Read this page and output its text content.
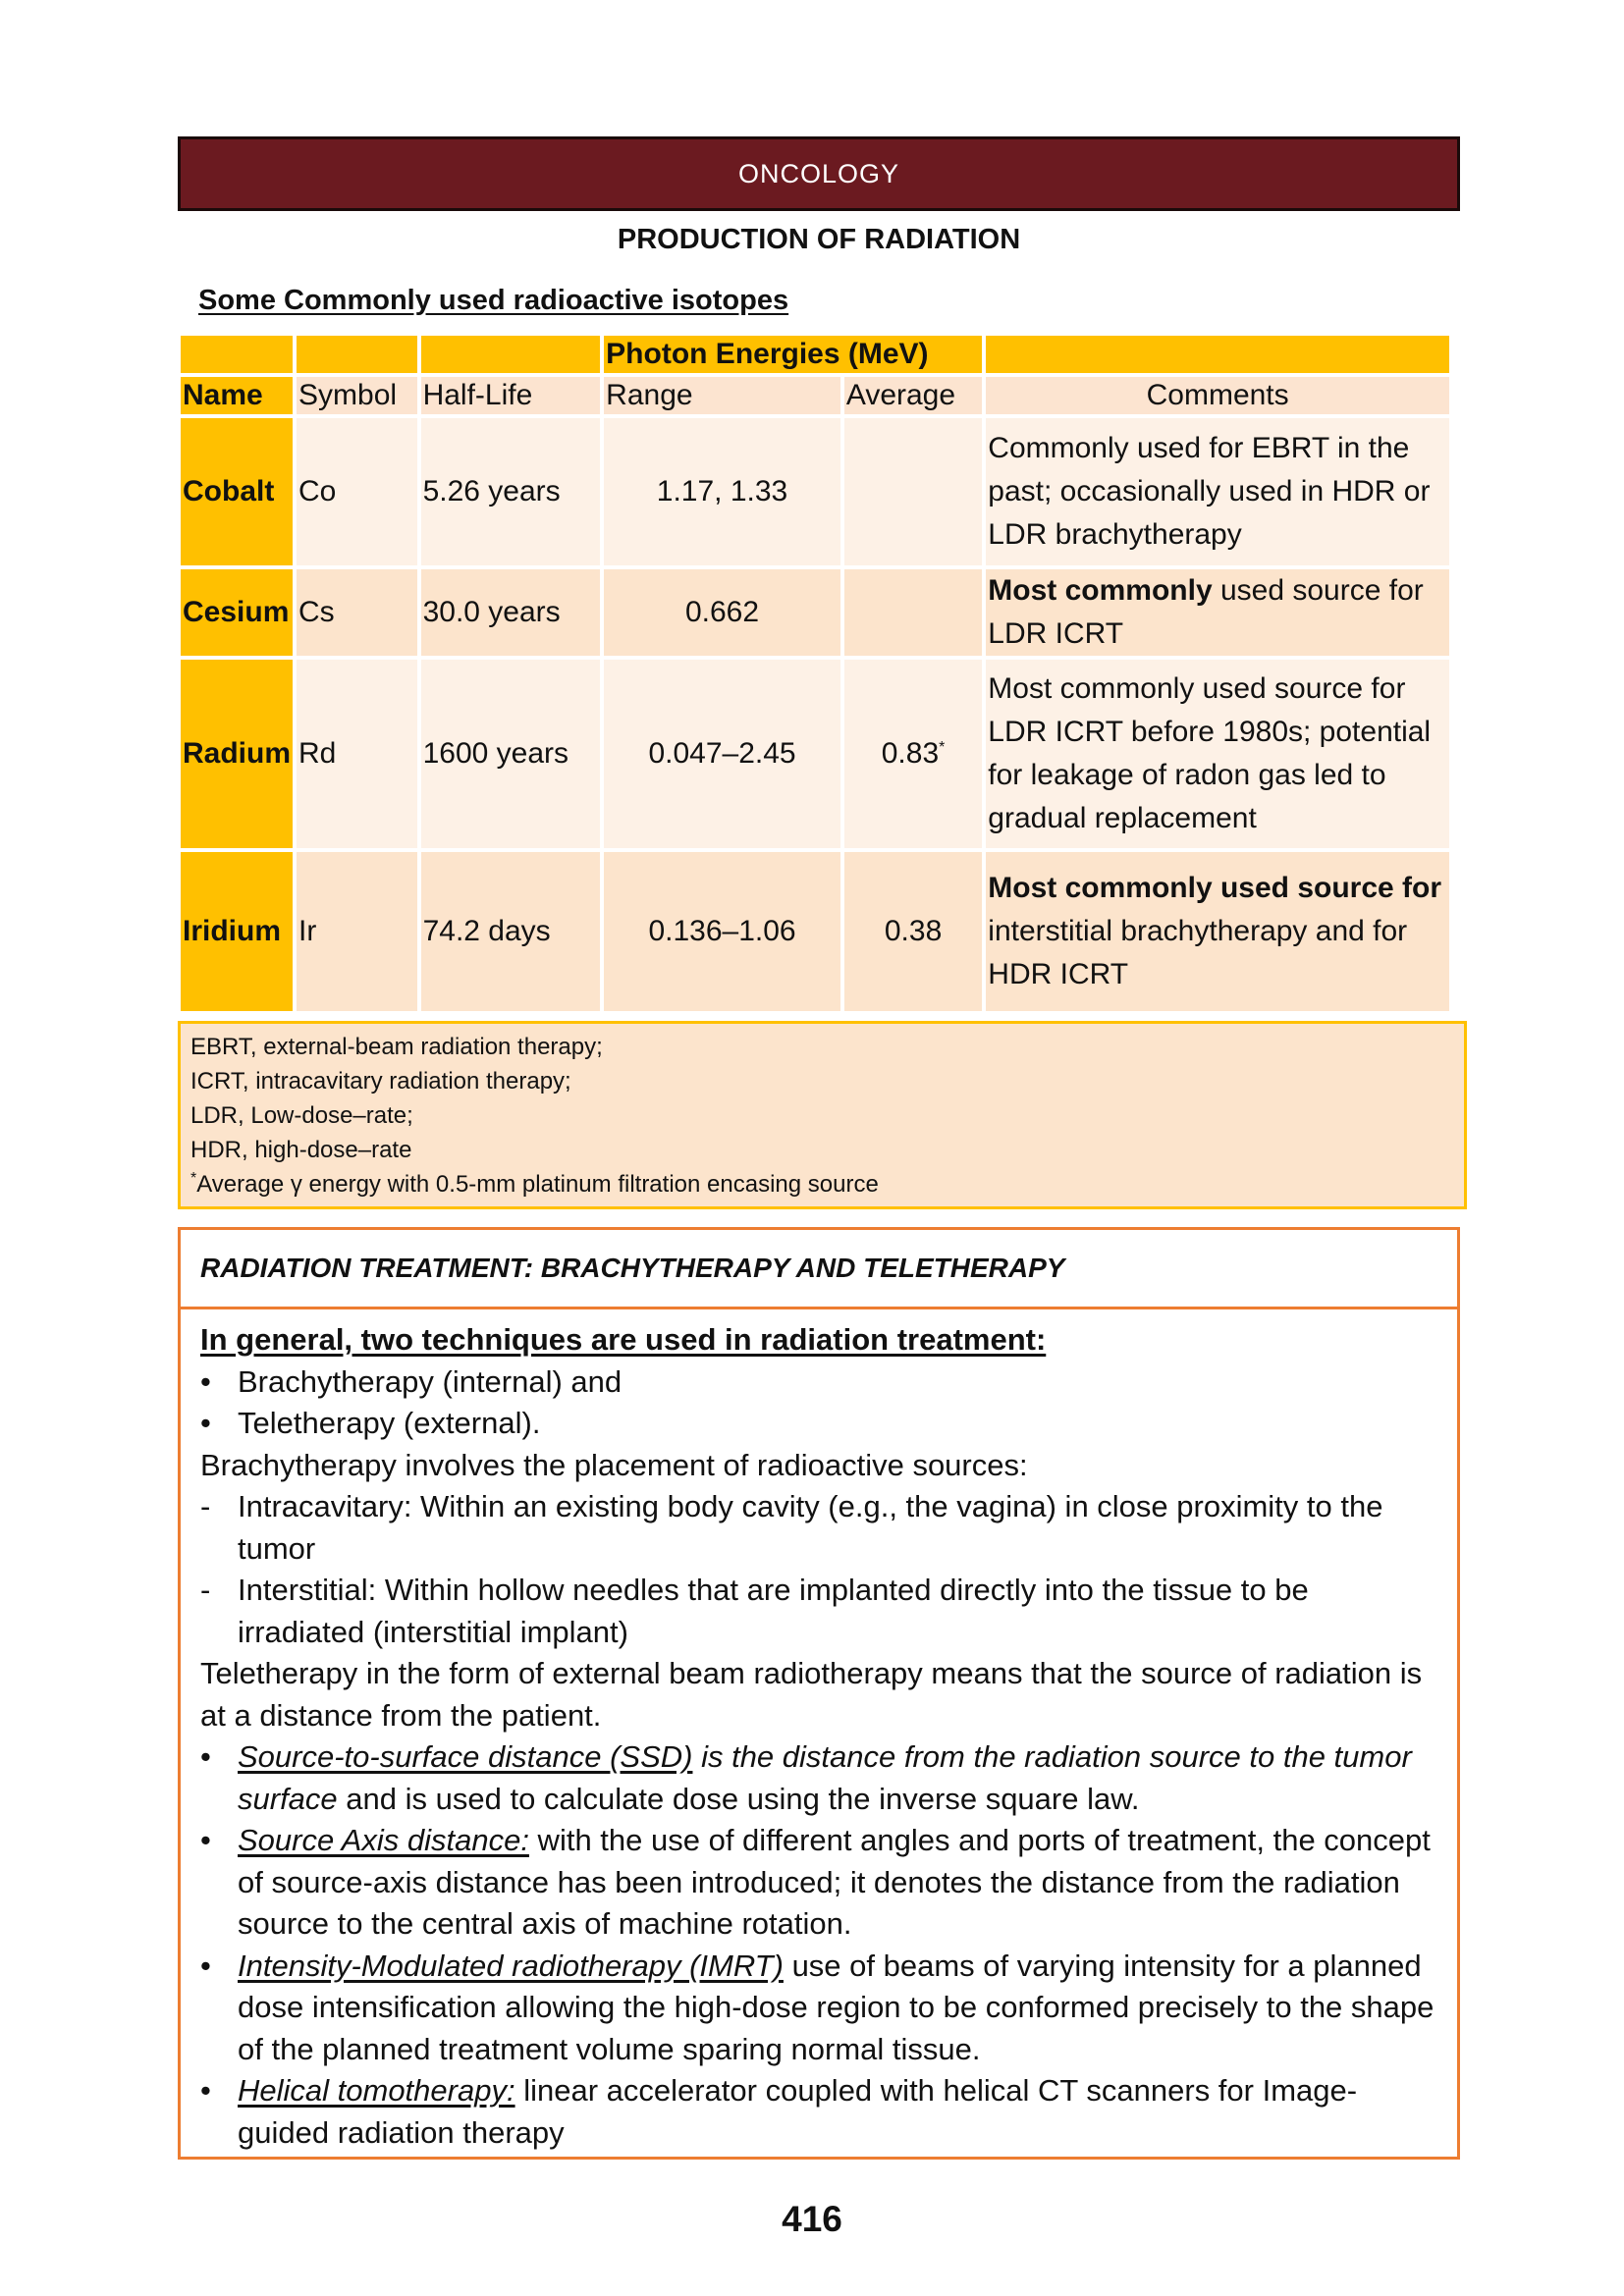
ONCOLOGY
PRODUCTION OF RADIATION
Some Commonly used radioactive isotopes
			Photon Energies (MeV)		
Name	Symbol	Half-Life	Range	Average	Comments
Cobalt	Co	5.26 years	1.17, 1.33		Commonly used for EBRT in the past; occasionally used in HDR or LDR brachytherapy
Cesium	Cs	30.0 years	0.662		Most commonly used source for LDR ICRT
Radium	Rd	1600 years	0.047–2.45	0.83*	Most commonly used source for LDR ICRT before 1980s; potential for leakage of radon gas led to gradual replacement
Iridium	Ir	74.2 days	0.136–1.06	0.38	Most commonly used source for interstitial brachytherapy and for HDR ICRT
EBRT, external-beam radiation therapy;
ICRT, intracavitary radiation therapy;
LDR, Low-dose–rate;
HDR, high-dose–rate
*Average γ energy with 0.5-mm platinum filtration encasing source
RADIATION TREATMENT: BRACHYTHERAPY AND TELETHERAPY
In general, two techniques are used in radiation treatment:
• Brachytherapy (internal) and
• Teletherapy (external).
Brachytherapy involves the placement of radioactive sources:
- Intracavitary: Within an existing body cavity (e.g., the vagina) in close proximity to the tumor
- Interstitial: Within hollow needles that are implanted directly into the tissue to be irradiated (interstitial implant)
Teletherapy in the form of external beam radiotherapy means that the source of radiation is at a distance from the patient.
• Source-to-surface distance (SSD) is the distance from the radiation source to the tumor surface and is used to calculate dose using the inverse square law.
• Source Axis distance: with the use of different angles and ports of treatment, the concept of source-axis distance has been introduced; it denotes the distance from the radiation source to the central axis of machine rotation.
• Intensity-Modulated radiotherapy (IMRT) use of beams of varying intensity for a planned dose intensification allowing the high-dose region to be conformed precisely to the shape of the planned treatment volume sparing normal tissue.
• Helical tomotherapy: linear accelerator coupled with helical CT scanners for Image-guided radiation therapy
416
